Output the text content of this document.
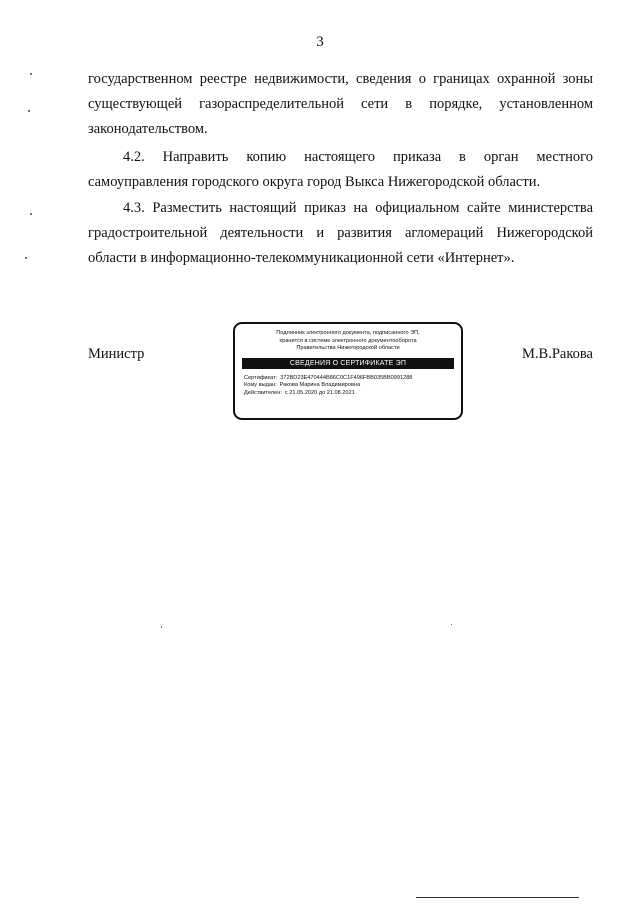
3

государственном реестре недвижимости, сведения о границах охранной зоны существующей газораспределительной сети в порядке, установленном законодательством.

4.2. Направить копию настоящего приказа в орган местного самоуправления городского округа город Выкса Нижегородской области.

4.3. Разместить настоящий приказ на официальном сайте министерства градостроительной деятельности и развития агломераций Нижегородской области в информационно-телекоммуникационной сети «Интернет».

Министр
Подлинник электронного документа, подписанного ЭП,
хранится в системе электронного документооборота
Правительства Нижегородской области
СВЕДЕНИЯ О СЕРТИФИКАТЕ ЭП
Сертификат: 372BD23E470444B86C0C1F496FBB035BB0991288
Кому выдан: Ракова Марина Владимировна
Действителен: с 21.05.2020 до 21.08.2021
М.В.Ракова
